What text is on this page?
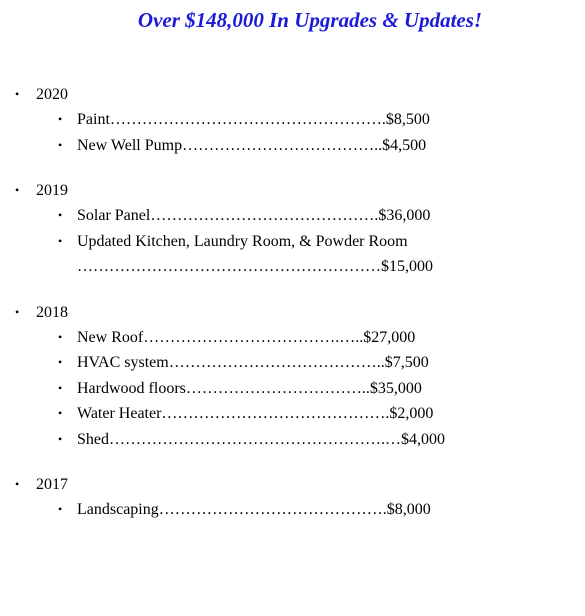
Over $148,000 In Upgrades & Updates!
• 2020
• Paint…………………………………………….$8,500
• New Well Pump………………………………..$4,500
• 2019
• Solar Panel…………………………………….$36,000
• Updated Kitchen, Laundry Room, & Powder Room
…………………………………………………$15,000
• 2018
• New Roof……………………………….…..$27,000
• HVAC system…………………………………..$7,500
• Hardwood floors……………………………..$35,000
• Water Heater…………………………………….$2,000
• Shed…………………………………………….…$4,000
• 2017
• Landscaping…………………………………….$8,000
